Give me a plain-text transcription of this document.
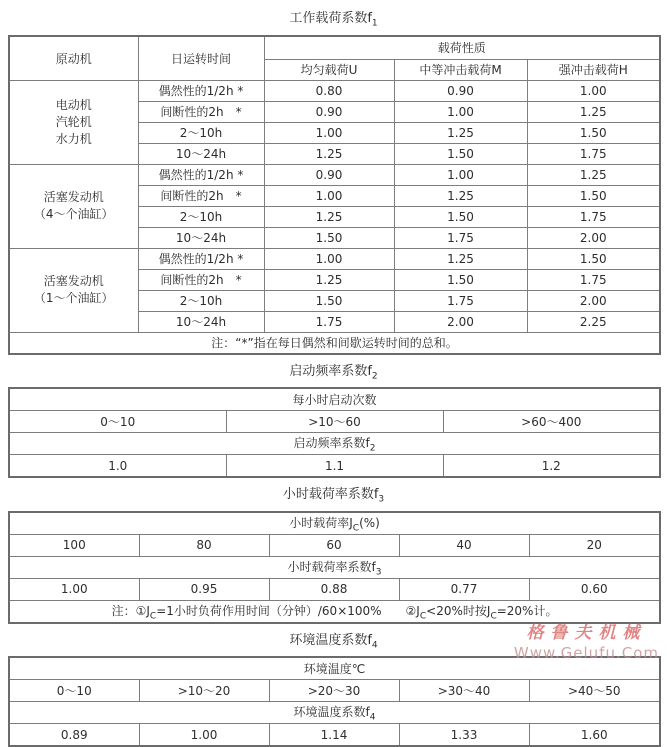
工作载荷系数$f_1$
原动机	日运转时间	载荷性质		
		均匀载荷U	中等冲击载荷M	强冲击载荷H
电动机
汽轮机
水力机	偶然性的1/2h *	0.80	0.90	1.00
	间断性的2h　*	0.90	1.00	1.25
	2～10h	1.00	1.25	1.50
	10～24h	1.25	1.50	1.75
活塞发动机
（4～个油缸）	偶然性的1/2h *	0.90	1.00	1.25
	间断性的2h　*	1.00	1.25	1.50
	2～10h	1.25	1.50	1.75
	10～24h	1.50	1.75	2.00
活塞发动机
（1～个油缸）	偶然性的1/2h *	1.00	1.25	1.50
	间断性的2h　*	1.25	1.50	1.75
	2～10h	1.50	1.75	2.00
	10～24h	1.75	2.00	2.25
注：“*”指在每日偶然和间歇运转时间的总和。				
启动频率系数$f_2$
每小时启动次数		
0～10	>10～60	>60～400
启动频率系数$f_2$
1.0	1.1	1.2
小时载荷率系数$f_3$
小时载荷率$J_C(\%)$				
100	80	60	40	20
小时载荷率系数$f_3$
1.00	0.95	0.88	0.77	0.60
注：$①J_C=1$小时负荷作用时间（分钟）/60×100%　　$②J_C<20\%$时按$J_C=20\%$计。				
环境温度系数$f_4$
环境温度℃				
0～10	>10～20	>20～30	>30～40	>40～50
环境温度系数$f_4$
0.89	1.00	1.14	1.33	1.60
格鲁夫机械
Www.Gelufu.Com
